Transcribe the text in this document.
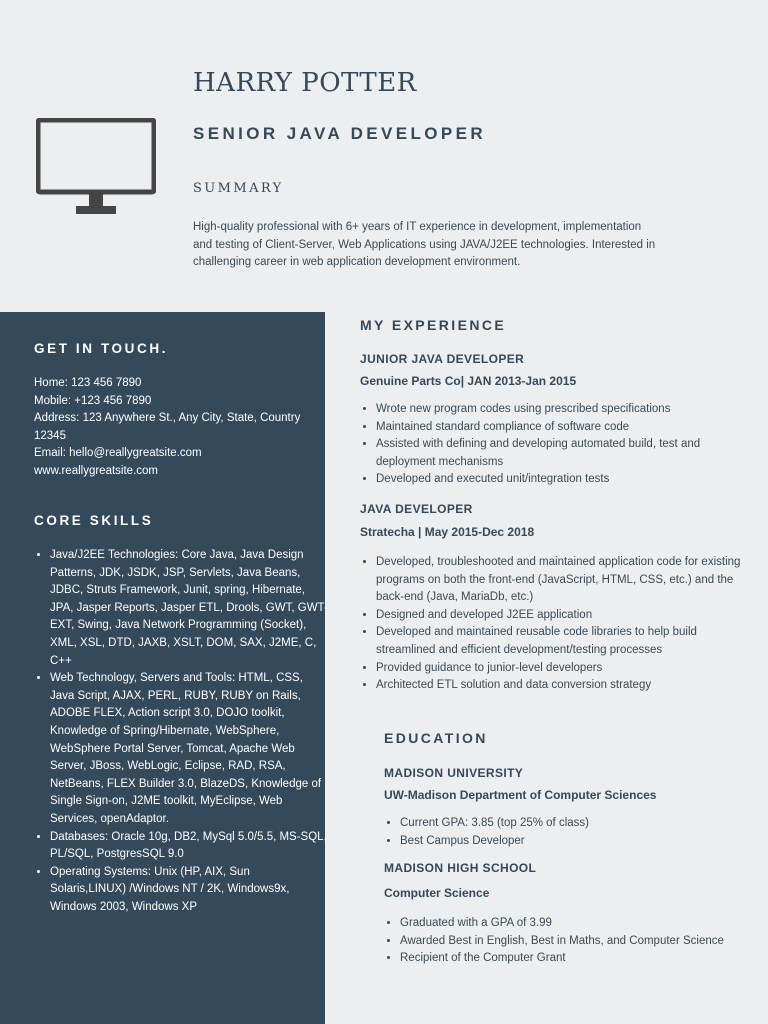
HARRY POTTER
SENIOR JAVA DEVELOPER
SUMMARY

High-quality professional with 6+ years of IT experience in development, implementation and testing of Client-Server, Web Applications using JAVA/J2EE technologies. Interested in challenging career in web application development environment.

GET IN TOUCH.
Home: 123 456 7890
Mobile: +123 456 7890
Address: 123 Anywhere St., Any City, State, Country 12345
Email: hello@reallygreatsite.com
www.reallygreatsite.com
CORE SKILLS
• Java/J2EE Technologies: Core Java, Java Design Patterns, JDK, JSDK, JSP, Servlets, Java Beans, JDBC, Struts Framework, Junit, spring, Hibernate, JPA, Jasper Reports, Jasper ETL, Drools, GWT, GWT-EXT, Swing, Java Network Programming (Socket), XML, XSL, DTD, JAXB, XSLT, DOM, SAX, J2ME, C, C++
• Web Technology, Servers and Tools: HTML, CSS, Java Script, AJAX, PERL, RUBY, RUBY on Rails, ADOBE FLEX, Action script 3.0, DOJO toolkit, Knowledge of Spring/Hibernate, WebSphere, WebSphere Portal Server, Tomcat, Apache Web Server, JBoss, WebLogic, Eclipse, RAD, RSA, NetBeans, FLEX Builder 3.0, BlazeDS, Knowledge of Single Sign-on, J2ME toolkit, MyEclipse, Web Services, openAdaptor.
• Databases: Oracle 10g, DB2, MySql 5.0/5.5, MS-SQL, PL/SQL, PostgresSQL 9.0
• Operating Systems: Unix (HP, AIX, Sun Solaris,LINUX) /Windows NT / 2K, Windows9x, Windows 2003, Windows XP
MY EXPERIENCE
JUNIOR JAVA DEVELOPER

Genuine Parts Co| JAN 2013-Jan 2015

• Wrote new program codes using prescribed specifications
• Maintained standard compliance of software code
• Assisted with defining and developing automated build, test and deployment mechanisms
• Developed and executed unit/integration tests
JAVA DEVELOPER

Stratecha | May 2015-Dec 2018

• Developed, troubleshooted and maintained application code for existing programs on both the front-end (JavaScript, HTML, CSS, etc.) and the back-end (Java, MariaDb, etc.)
• Designed and developed J2EE application
• Developed and maintained reusable code libraries to help build streamlined and efficient development/testing processes
• Provided guidance to junior-level developers
• Architected ETL solution and data conversion strategy
EDUCATION
MADISON UNIVERSITY

UW-Madison Department of Computer Sciences

• Current GPA: 3.85 (top 25% of class)
• Best Campus Developer
MADISON HIGH SCHOOL

Computer Science

• Graduated with a GPA of 3.99
• Awarded Best in English, Best in Maths, and Computer Science
• Recipient of the Computer Grant
